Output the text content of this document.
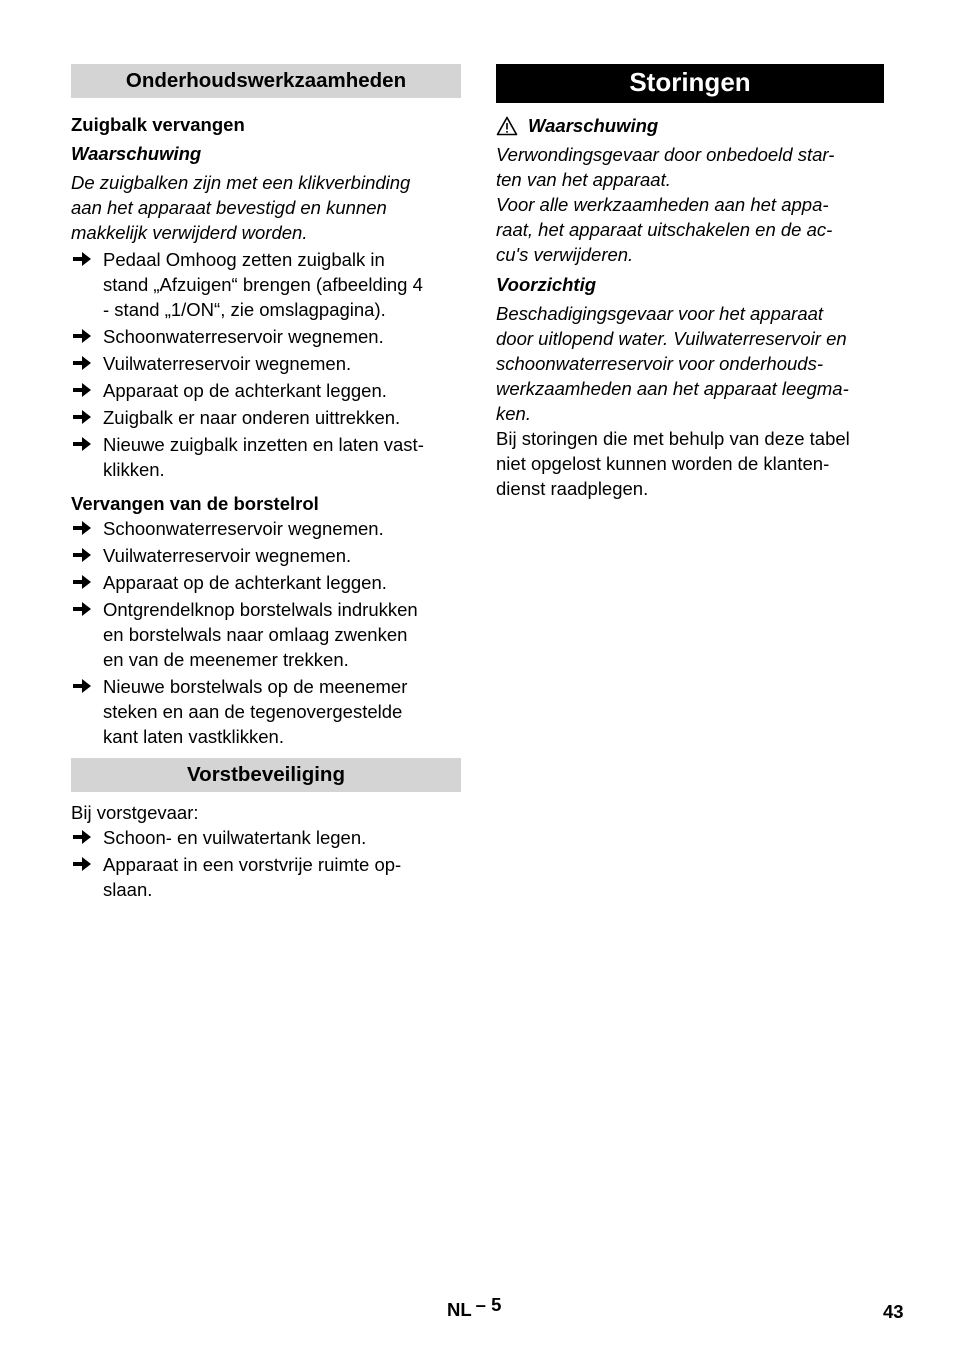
Onderhoudswerkzaamheden
Zuigbalk vervangen
Waarschuwing
De zuigbalken zijn met een klikverbinding
aan het apparaat bevestigd en kunnen
makkelijk verwijderd worden.
Pedaal Omhoog zetten zuigbalk in
stand „Afzuigen“ brengen (afbeelding 4
- stand „1/ON“, zie omslagpagina).
Schoonwaterreservoir wegnemen.
Vuilwaterreservoir wegnemen.
Apparaat op de achterkant leggen.
Zuigbalk er naar onderen uittrekken.
Nieuwe zuigbalk inzetten en laten vast-
klikken.
Vervangen van de borstelrol
Schoonwaterreservoir wegnemen.
Vuilwaterreservoir wegnemen.
Apparaat op de achterkant leggen.
Ontgrendelknop borstelwals indrukken
en borstelwals naar omlaag zwenken
en van de meenemer trekken.
Nieuwe borstelwals op de meenemer
steken en aan de tegenovergestelde
kant laten vastklikken.
Vorstbeveiliging
Bij vorstgevaar:
Schoon- en vuilwatertank legen.
Apparaat in een vorstvrije ruimte op-
slaan.
Storingen
Waarschuwing
Verwondingsgevaar door onbedoeld star-
ten van het apparaat.
Voor alle werkzaamheden aan het appa-
raat, het apparaat uitschakelen en de ac-
cu's verwijderen.
Voorzichtig
Beschadigingsgevaar voor het apparaat
door uitlopend water. Vuilwaterreservoir en
schoonwaterreservoir voor onderhouds-
werkzaamheden aan het apparaat leegma-
ken.
Bij storingen die met behulp van deze tabel
niet opgelost kunnen worden de klanten-
dienst raadplegen.
NL – 5	43
